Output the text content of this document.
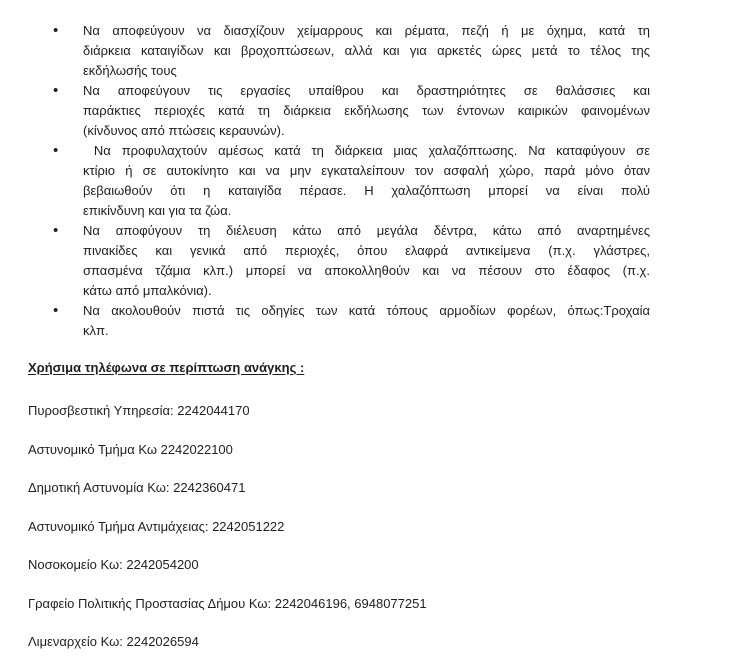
• Να αποφεύγουν να διασχίζουν χείμαρρους και ρέματα, πεζή ή με όχημα, κατά τη
διάρκεια καταιγίδων και βροχοπτώσεων, αλλά και για αρκετές ώρες μετά το τέλος της
εκδήλωσής τους
• Να αποφεύγουν τις εργασίες υπαίθρου και δραστηριότητες σε θαλάσσιες και
παράκτιες περιοχές κατά τη διάρκεια εκδήλωσης των έντονων καιρικών φαινομένων
(κίνδυνος από πτώσεις κεραυνών).
•  Να προφυλαχτούν αμέσως κατά τη διάρκεια μιας χαλαζόπτωσης. Να καταφύγουν σε
κτίριο ή σε αυτοκίνητο και να μην εγκαταλείπουν τον ασφαλή χώρο, παρά μόνο όταν
βεβαιωθούν ότι η καταιγίδα πέρασε. Η χαλαζόπτωση μπορεί να είναι πολύ
επικίνδυνη και για τα ζώα.
• Να αποφύγουν τη διέλευση κάτω από μεγάλα δέντρα, κάτω από αναρτημένες
πινακίδες και γενικά από περιοχές, όπου ελαφρά αντικείμενα (π.χ. γλάστρες,
σπασμένα τζάμια κλπ.) μπορεί να αποκολληθούν και να πέσουν στο έδαφος (π.χ.
κάτω από μπαλκόνια).
• Να ακολουθούν πιστά τις οδηγίες των κατά τόπους αρμοδίων φορέων, όπως:Τροχαία
κλπ.
Χρήσιμα τηλέφωνα σε περίπτωση ανάγκης :

Πυροσβεστική Υπηρεσία: 2242044170

Αστυνομικό Τμήμα Κω 2242022100

Δημοτική Αστυνομία Κω: 2242360471

Αστυνομικό Τμήμα Αντιμάχειας: 2242051222

Νοσοκομείο Κω: 2242054200

Γραφείο Πολιτικής Προστασίας Δήμου Κω: 2242046196, 6948077251

Λιμεναρχείο Κω: 2242026594
